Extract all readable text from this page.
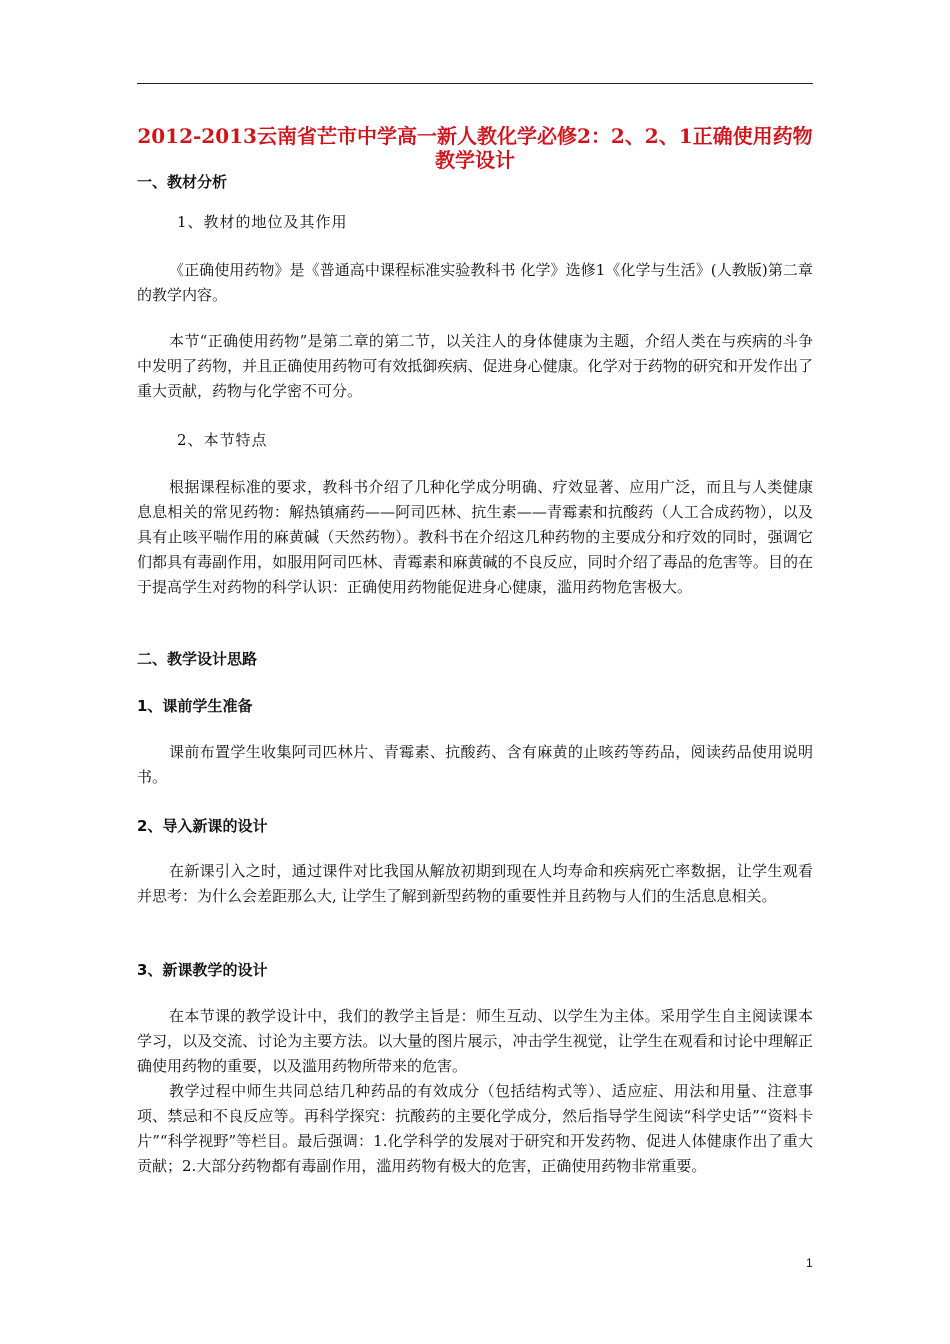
2012-2013云南省芒市中学高一新人教化学必修2：2、2、1正确使用药物教学设计

一、教材分析

1、教材的地位及其作用

《正确使用药物》是《普通高中课程标准实验教科书 化学》选修1《化学与生活》(人教版)第二章的教学内容。

本节“正确使用药物”是第二章的第二节，以关注人的身体健康为主题，介绍人类在与疾病的斗争中发明了药物，并且正确使用药物可有效抵御疾病、促进身心健康。化学对于药物的研究和开发作出了重大贡献，药物与化学密不可分。

2、本节特点

根据课程标准的要求，教科书介绍了几种化学成分明确、疗效显著、应用广泛，而且与人类健康息息相关的常见药物：解热镇痛药——阿司匹林、抗生素——青霉素和抗酸药（人工合成药物），以及具有止咳平喘作用的麻黄碱（天然药物）。教科书在介绍这几种药物的主要成分和疗效的同时，强调它们都具有毒副作用，如服用阿司匹林、青霉素和麻黄碱的不良反应，同时介绍了毒品的危害等。目的在于提高学生对药物的科学认识：正确使用药物能促进身心健康，滥用药物危害极大。

二、教学设计思路

1、课前学生准备

课前布置学生收集阿司匹林片、青霉素、抗酸药、含有麻黄的止咳药等药品，阅读药品使用说明书。

2、导入新课的设计

在新课引入之时，通过课件对比我国从解放初期到现在人均寿命和疾病死亡率数据，让学生观看并思考：为什么会差距那么大, 让学生了解到新型药物的重要性并且药物与人们的生活息息相关。

3、新课教学的设计

在本节课的教学设计中，我们的教学主旨是：师生互动、以学生为主体。采用学生自主阅读课本学习，以及交流、讨论为主要方法。以大量的图片展示，冲击学生视觉，让学生在观看和讨论中理解正确使用药物的重要，以及滥用药物所带来的危害。

教学过程中师生共同总结几种药品的有效成分（包括结构式等）、适应症、用法和用量、注意事项、禁忌和不良反应等。再科学探究：抗酸药的主要化学成分，然后指导学生阅读“科学史话”“资料卡片”“科学视野”等栏目。最后强调：1.化学科学的发展对于研究和开发药物、促进人体健康作出了重大贡献；2.大部分药物都有毒副作用，滥用药物有极大的危害，正确使用药物非常重要。

1
